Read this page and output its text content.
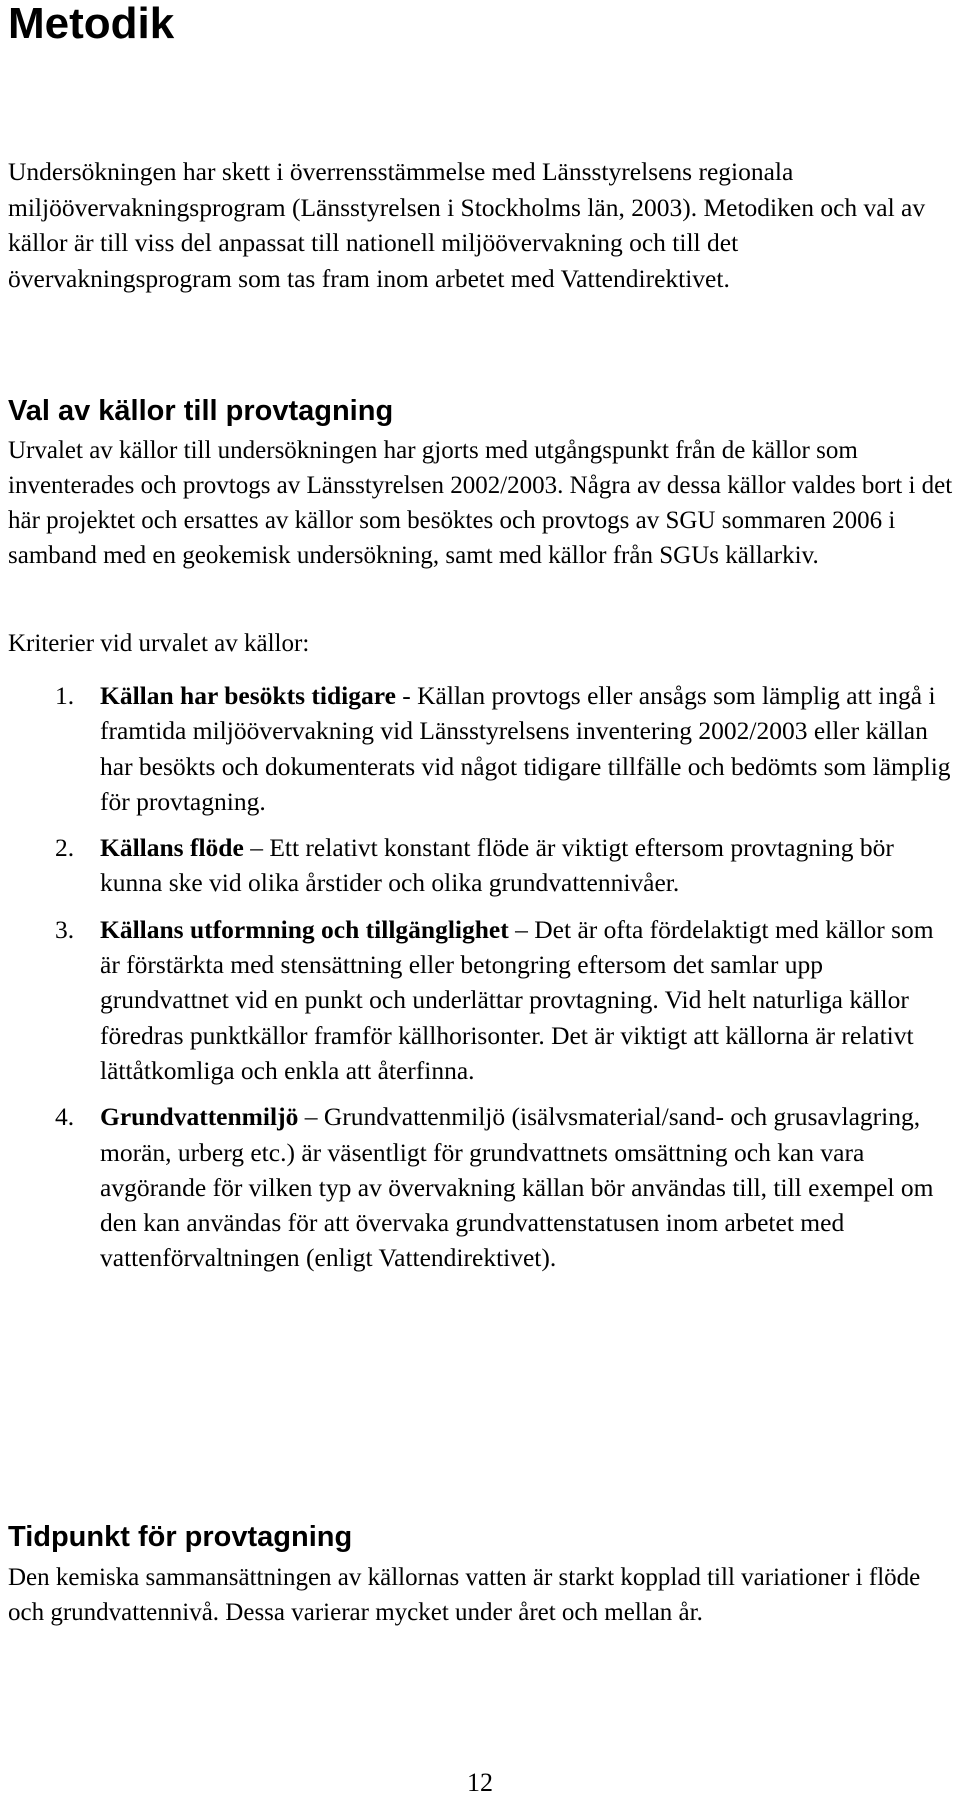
Metodik

Undersökningen har skett i överrensstämmelse med Länsstyrelsens regionala miljöövervakningsprogram (Länsstyrelsen i Stockholms län, 2003). Metodiken och val av källor är till viss del anpassat till nationell miljöövervakning och till det övervakningsprogram som tas fram inom arbetet med Vattendirektivet.

Val av källor till provtagning

Urvalet av källor till undersökningen har gjorts med utgångspunkt från de källor som inventerades och provtogs av Länsstyrelsen 2002/2003. Några av dessa källor valdes bort i det här projektet och ersattes av källor som besöktes och provtogs av SGU sommaren 2006 i samband med en geokemisk undersökning, samt med källor från SGUs källarkiv.

Kriterier vid urvalet av källor:

1. Källan har besökts tidigare - Källan provtogs eller ansågs som lämplig att ingå i framtida miljöövervakning vid Länsstyrelsens inventering 2002/2003 eller källan har besökts och dokumenterats vid något tidigare tillfälle och bedömts som lämplig för provtagning.
2. Källans flöde – Ett relativt konstant flöde är viktigt eftersom provtagning bör kunna ske vid olika årstider och olika grundvattennivåer.
3. Källans utformning och tillgänglighet – Det är ofta fördelaktigt med källor som är förstärkta med stensättning eller betongring eftersom det samlar upp grundvattnet vid en punkt och underlättar provtagning. Vid helt naturliga källor föredras punktkällor framför källhorisonter. Det är viktigt att källorna är relativt lättåtkomliga och enkla att återfinna.
4. Grundvattenmiljö – Grundvattenmiljö (isälvsmaterial/sand- och grusavlagring, morän, urberg etc.) är väsentligt för grundvattnets omsättning och kan vara avgörande för vilken typ av övervakning källan bör användas till, till exempel om den kan användas för att övervaka grundvattenstatusen inom arbetet med vattenförvaltningen (enligt Vattendirektivet).
Tidpunkt för provtagning

Den kemiska sammansättningen av källornas vatten är starkt kopplad till variationer i flöde och grundvattennivå. Dessa varierar mycket under året och mellan år.

12
